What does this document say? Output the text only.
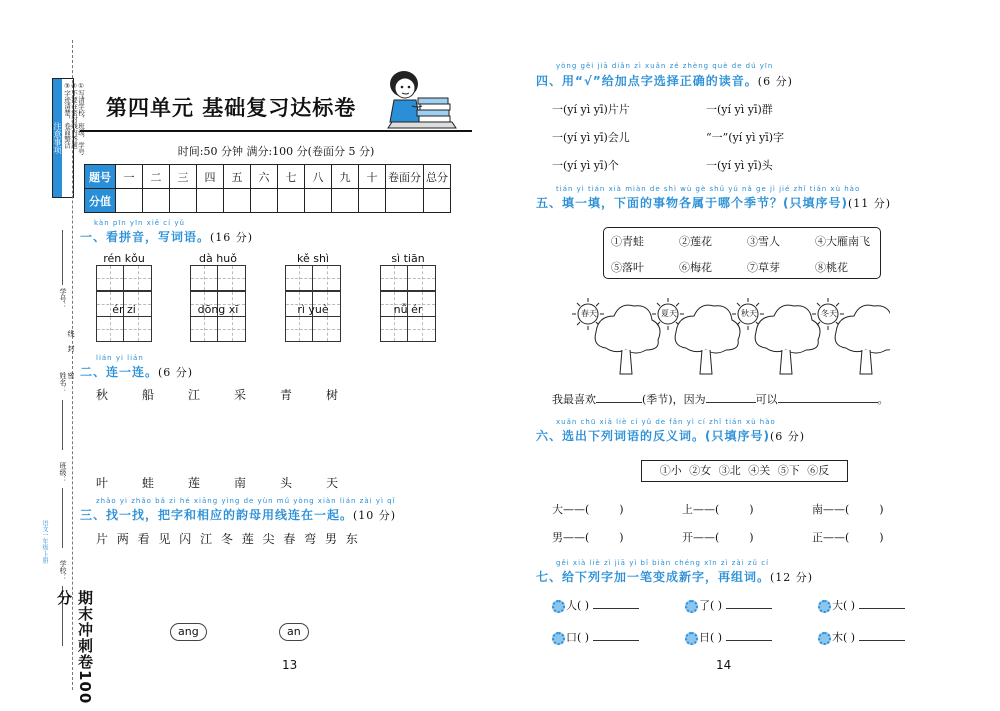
注意事项	①写清学校、班级、学号
②不要在密封线内答题
③字迹清楚，卷面整洁
学号：
线
封
密
姓名：
班级：
语文一年级·上册
学校：
期末冲刺卷100分
第四单元 基础复习达标卷
时间:50 分钟 满分:100 分(卷面分 5 分)
题号	一	二	三	四	五	六	七	八	九	十	卷面分	总分
分值												
kàn pīn yīn xiě cí yǔ
一、看拼音，写词语。(16 分)
rén kǒu	dà huǒ	kě shì	sì tiān
ér zi	dōng xī	rì yuè	nǚ ér
lián yi lián
二、连一连。(6 分)
秋	船	江	采	青	树
叶	蛙	莲	南	头	天
zhǎo yi zhǎo bǎ zì hé xiāng yìng de yùn mǔ yòng xiàn lián zài yì qǐ
三、找一找，把字和相应的韵母用线连在一起。(10 分)
片 两 看 见 闪 江 冬 莲 尖 春 弯 男 东
ang	an
13
yòng gěi jiā diǎn zì xuǎn zé zhèng què de dú yīn
四、用“√”给加点字选择正确的读音。(6 分)
一(yí yì yī)片片	一(yí yì yī)群
一(yí yì yī)会儿	“一”(yí yì yī)字
一(yí yì yī)个	一(yí yì yī)头
tián yi tián xià miàn de shì wù gè shǔ yú nǎ ge jì jié zhǐ tián xù hào
五、填一填，下面的事物各属于哪个季节？(只填序号)(11 分)
①青蛙	②莲花	③雪人	④大雁南飞
⑤落叶	⑥梅花	⑦草芽	⑧桃花
春天	夏天	秋天	冬天
我最喜欢	(季节)，因为	可以	。
xuǎn chū xià liè cí yǔ de fǎn yì cí zhǐ tián xù hào
六、选出下列词语的反义词。(只填序号)(6 分)
①小 ②女 ③北 ④关 ⑤下 ⑥反
大——(	)	上——(	)	南——(	)
男——(	)	开——(	)	正——(	)
gěi xià liè zì jiā yì bǐ biàn chéng xīn zì zài zǔ cí
七、给下列字加一笔变成新字，再组词。(12 分)
人( )	了( )	大( )
口( )	日( )	木( )
14
